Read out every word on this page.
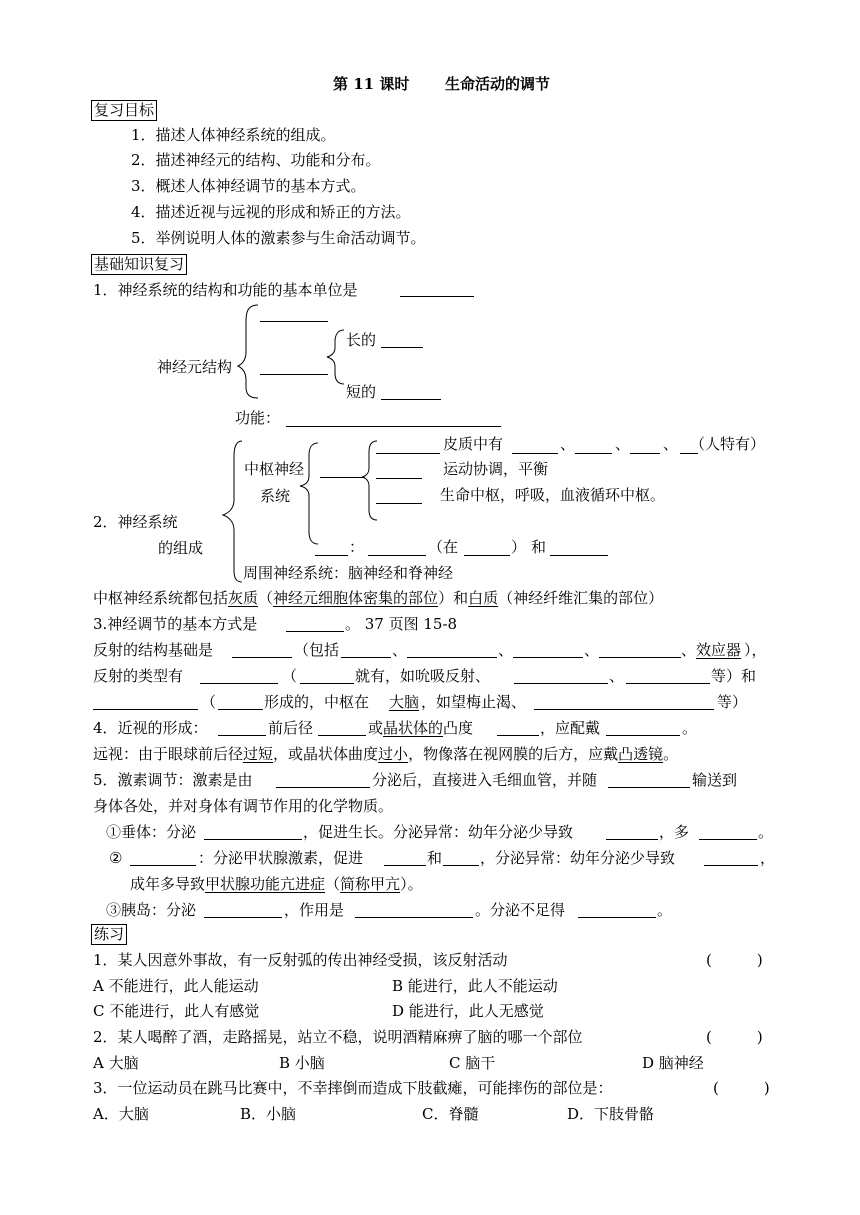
第 11 课时 生命活动的调节
复习目标
1．描述人体神经系统的组成。
2．描述神经元的结构、功能和分布。
3．概述人体神经调节的基本方式。
4．描述近视与远视的形成和矫正的方法。
5．举例说明人体的激素参与生命活动调节。
基础知识复习
1．神经系统的结构和功能的基本单位是
神经元结构
长的
短的
功能：
2．神经系统
的组成
中枢神经
系统
皮质中有	、	、 、 （人特有）
运动协调，平衡
生命中枢，呼吸，血液循环中枢。
：	（在	） 和
周围神经系统：脑神经和脊神经
中枢神经系统都包括灰质（神经元细胞体密集的部位）和白质（神经纤维汇集的部位）
3.神经调节的基本方式是	。 37 页图 15-8
反射的结构基础是	（包括	、	、	、	、 效应器 ），
反射的类型有	（	就有，如吮吸反射、	、	等）和
（	形成的，中枢在 大脑 ，如望梅止渴、	等）
4．近视的形成：	前后径	或晶状体的凸度	，应配戴	。
远视：由于眼球前后径过短，或晶状体曲度过小，物像落在视网膜的后方，应戴凸透镜。
5．激素调节：激素是由	分泌后，直接进入毛细血管，并随	输送到
身体各处，并对身体有调节作用的化学物质。
①垂体：分泌	，促进生长。分泌异常：幼年分泌少导致	，多	。
②	：分泌甲状腺激素，促进	和	，分泌异常：幼年分泌少导致	，
成年多导致甲状腺功能亢进症（简称甲亢）。
③胰岛：分泌	，作用是	。分泌不足得	。
练习
1．某人因意外事故，有一反射弧的传出神经受损，该反射活动	(　　　)
A 不能进行，此人能运动	B 能进行，此人不能运动
C 不能进行，此人有感觉	D 能进行，此人无感觉
2．某人喝醉了酒，走路摇晃，站立不稳，说明酒精麻痹了脑的哪一个部位	(　　　)
A 大脑	B 小脑	C 脑干	D 脑神经
3．一位运动员在跳马比赛中，不幸摔倒而造成下肢截瘫，可能摔伤的部位是：	(　　　)
A．大脑	B．小脑	C．脊髓	D．下肢骨骼
